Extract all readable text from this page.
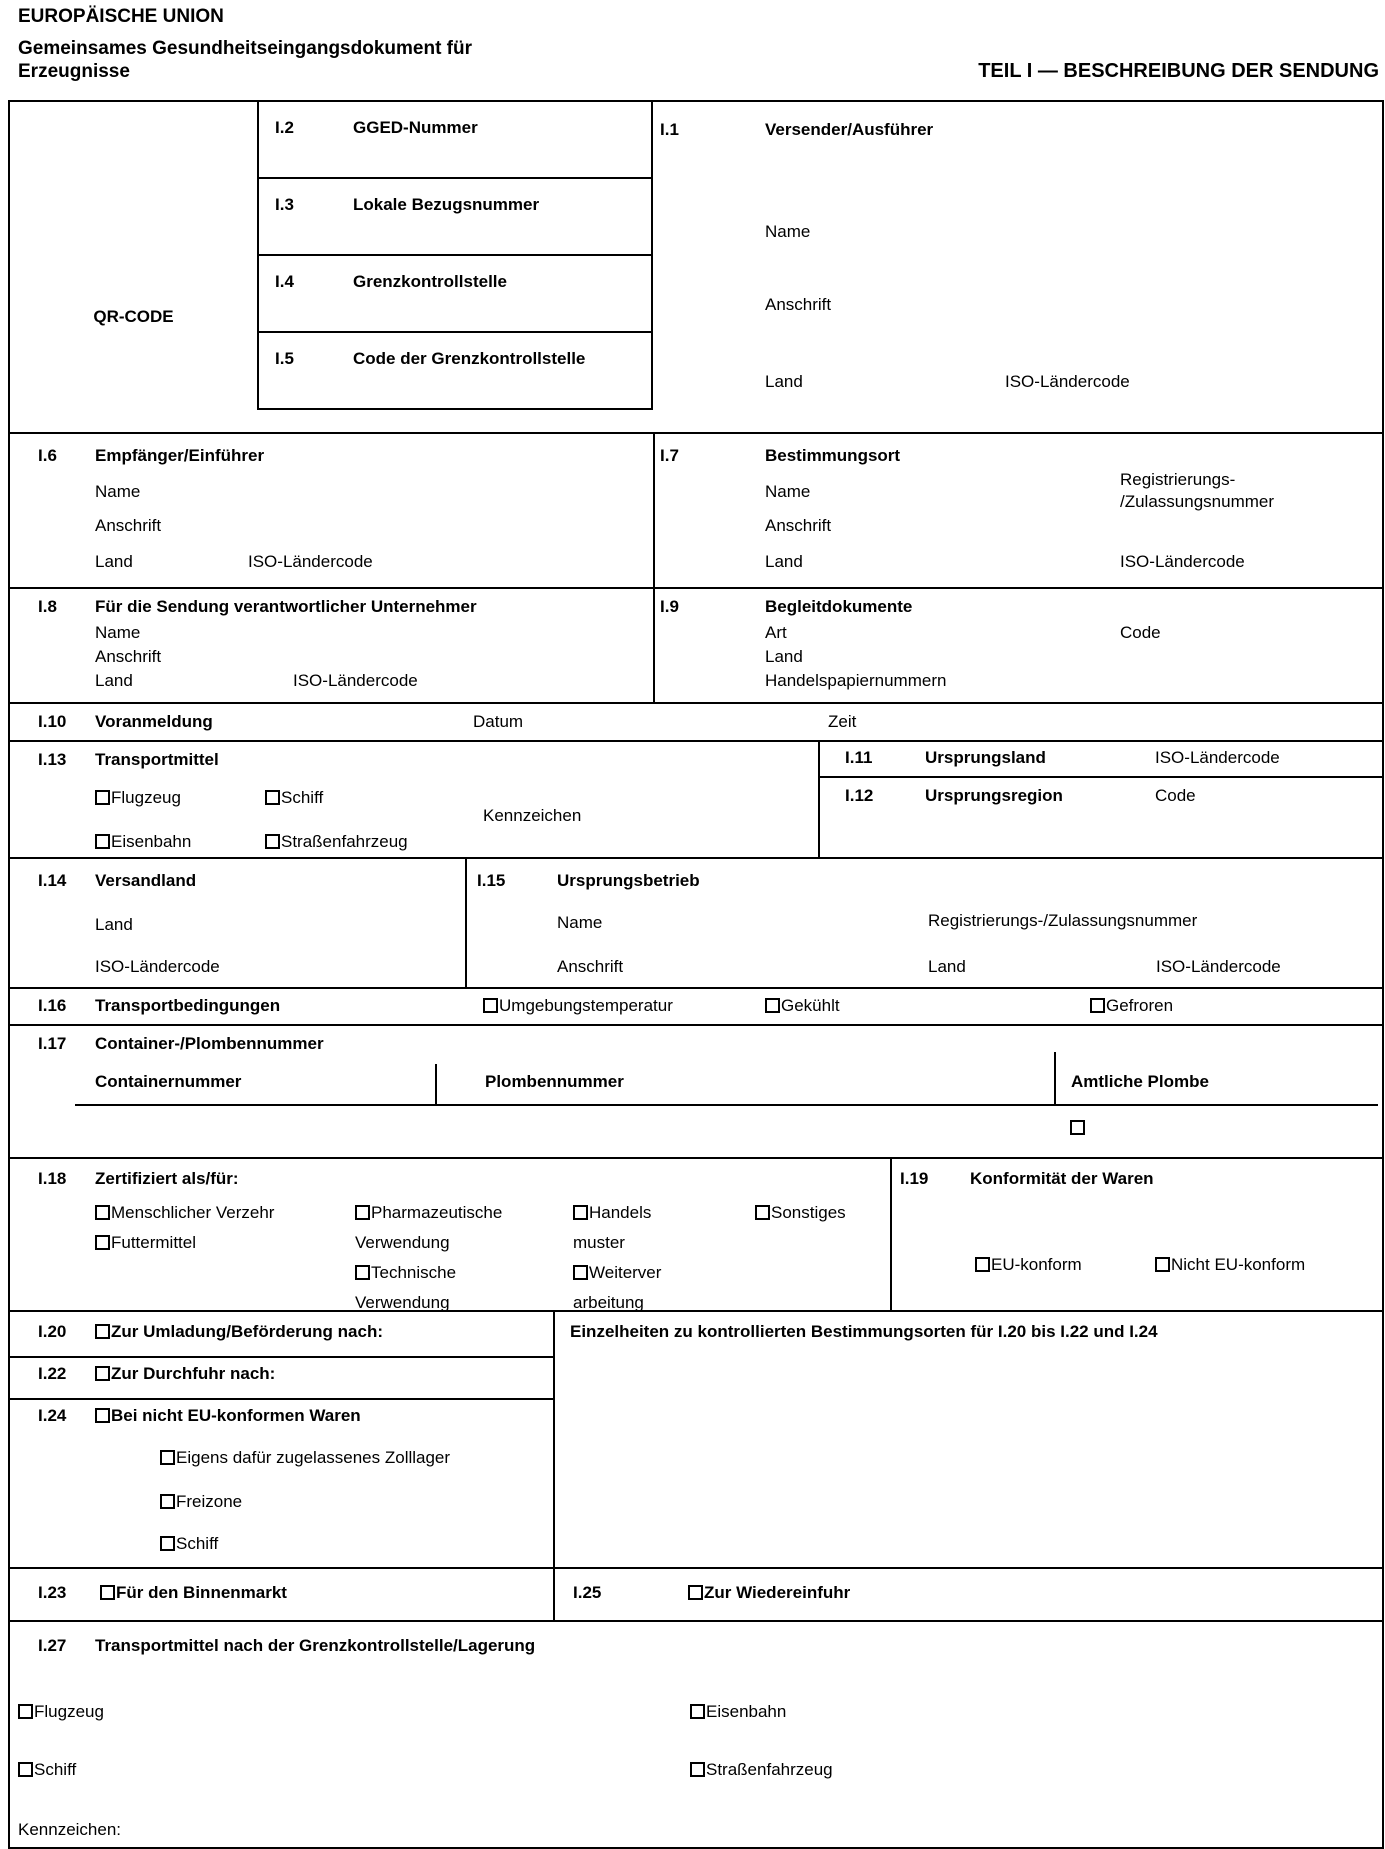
EUROPÄISCHE UNION
Gemeinsames Gesundheitseingangsdokument für
Erzeugnisse	TEIL I — BESCHREIBUNG DER SENDUNG
QR-CODE
I.2	GGED-Nummer
I.3	Lokale Bezugsnummer
I.4	Grenzkontrollstelle
I.5	Code der Grenzkontrollstelle
I.1	Versender/Ausführer
Name
Anschrift
Land	ISO-Ländercode
I.6 Empfänger/Einführer
Name
Anschrift
Land	ISO-Ländercode
I.7	Bestimmungsort
Name
Anschrift
Land
Registrierungs-
/Zulassungsnummer
ISO-Ländercode
I.8 Für die Sendung verantwortlicher Unternehmer
Name
Anschrift
Land	ISO-Ländercode
I.9	Begleitdokumente
Art	Code
Land
Handelspapiernummern
I.10 Voranmeldung	Datum	Zeit
I.13 Transportmittel
Flugzeug	Schiff
Eisenbahn	Straßenfahrzeug
Kennzeichen
I.11	Ursprungsland	ISO-Ländercode
I.12	Ursprungsregion	Code
I.14 Versandland
Land
ISO-Ländercode
I.15	Ursprungsbetrieb
Name
Anschrift
Registrierungs-/Zulassungsnummer
Land	ISO-Ländercode
I.16 Transportbedingungen	Umgebungstemperatur	Gekühlt	Gefroren
I.17 Container-/Plombennummer
Containernummer	Plombennummer	Amtliche Plombe
I.18 Zertifiziert als/für:
Menschlicher Verzehr
Futtermittel
Pharmazeutische
Verwendung
Technische
Verwendung
Handels
muster
Weiterver
arbeitung
Sonstiges
I.19 Konformität der Waren
EU-konform	Nicht EU-konform
I.20	Zur Umladung/Beförderung nach:
I.22	Zur Durchfuhr nach:
I.24	Bei nicht EU-konformen Waren
Eigens dafür zugelassenes Zolllager
Freizone
Schiff
Einzelheiten zu kontrollierten Bestimmungsorten für I.20 bis I.22 und I.24
I.23	Für den Binnenmarkt	I.25	Zur Wiedereinfuhr
I.27 Transportmittel nach der Grenzkontrollstelle/Lagerung
Flugzeug	Eisenbahn
Schiff	Straßenfahrzeug
Kennzeichen:
